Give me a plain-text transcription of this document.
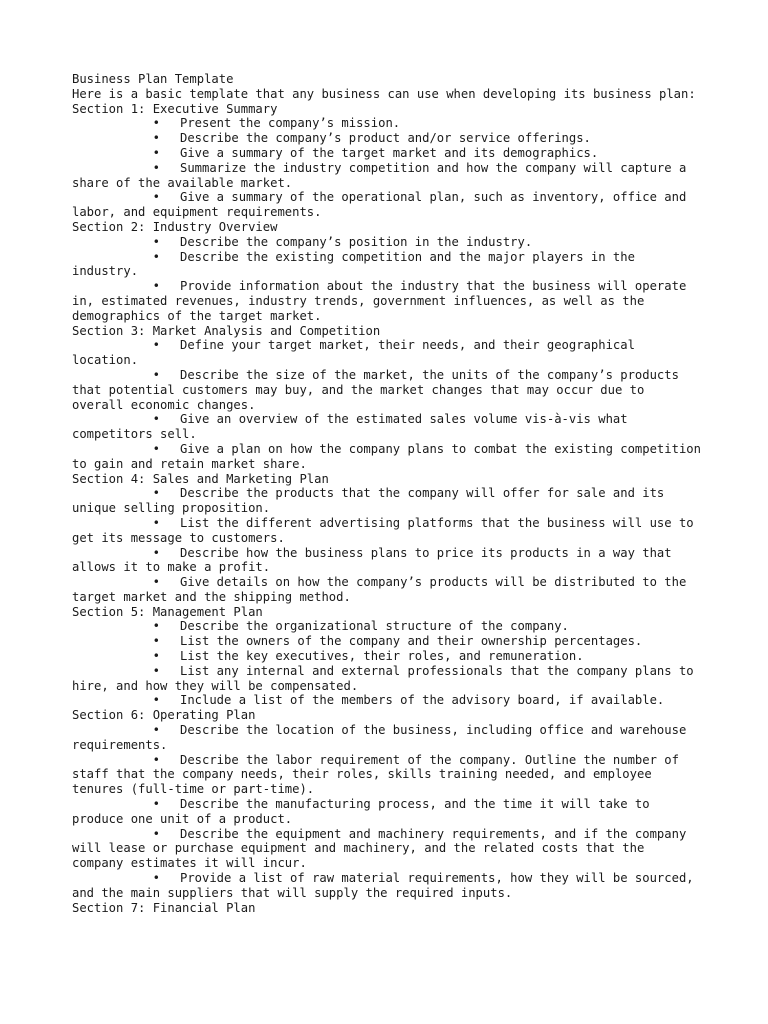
Business Plan Template
Here is a basic template that any business can use when developing its business plan:
Section 1: Executive Summary
• Present the company’s mission.
• Describe the company’s product and/or service offerings.
• Give a summary of the target market and its demographics.
• Summarize the industry competition and how the company will capture a share of the available market.
• Give a summary of the operational plan, such as inventory, office and labor, and equipment requirements.
Section 2: Industry Overview
• Describe the company’s position in the industry.
• Describe the existing competition and the major players in the industry.
• Provide information about the industry that the business will operate in, estimated revenues, industry trends, government influences, as well as the demographics of the target market.
Section 3: Market Analysis and Competition
• Define your target market, their needs, and their geographical location.
• Describe the size of the market, the units of the company’s products that potential customers may buy, and the market changes that may occur due to overall economic changes.
• Give an overview of the estimated sales volume vis-à-vis what competitors sell.
• Give a plan on how the company plans to combat the existing competition to gain and retain market share.
Section 4: Sales and Marketing Plan
• Describe the products that the company will offer for sale and its unique selling proposition.
• List the different advertising platforms that the business will use to get its message to customers.
• Describe how the business plans to price its products in a way that allows it to make a profit.
• Give details on how the company’s products will be distributed to the target market and the shipping method.
Section 5: Management Plan
• Describe the organizational structure of the company.
• List the owners of the company and their ownership percentages.
• List the key executives, their roles, and remuneration.
• List any internal and external professionals that the company plans to hire, and how they will be compensated.
• Include a list of the members of the advisory board, if available.
Section 6: Operating Plan
• Describe the location of the business, including office and warehouse requirements.
• Describe the labor requirement of the company. Outline the number of staff that the company needs, their roles, skills training needed, and employee tenures (full-time or part-time).
• Describe the manufacturing process, and the time it will take to produce one unit of a product.
• Describe the equipment and machinery requirements, and if the company will lease or purchase equipment and machinery, and the related costs that the company estimates it will incur.
• Provide a list of raw material requirements, how they will be sourced, and the main suppliers that will supply the required inputs.
Section 7: Financial Plan
